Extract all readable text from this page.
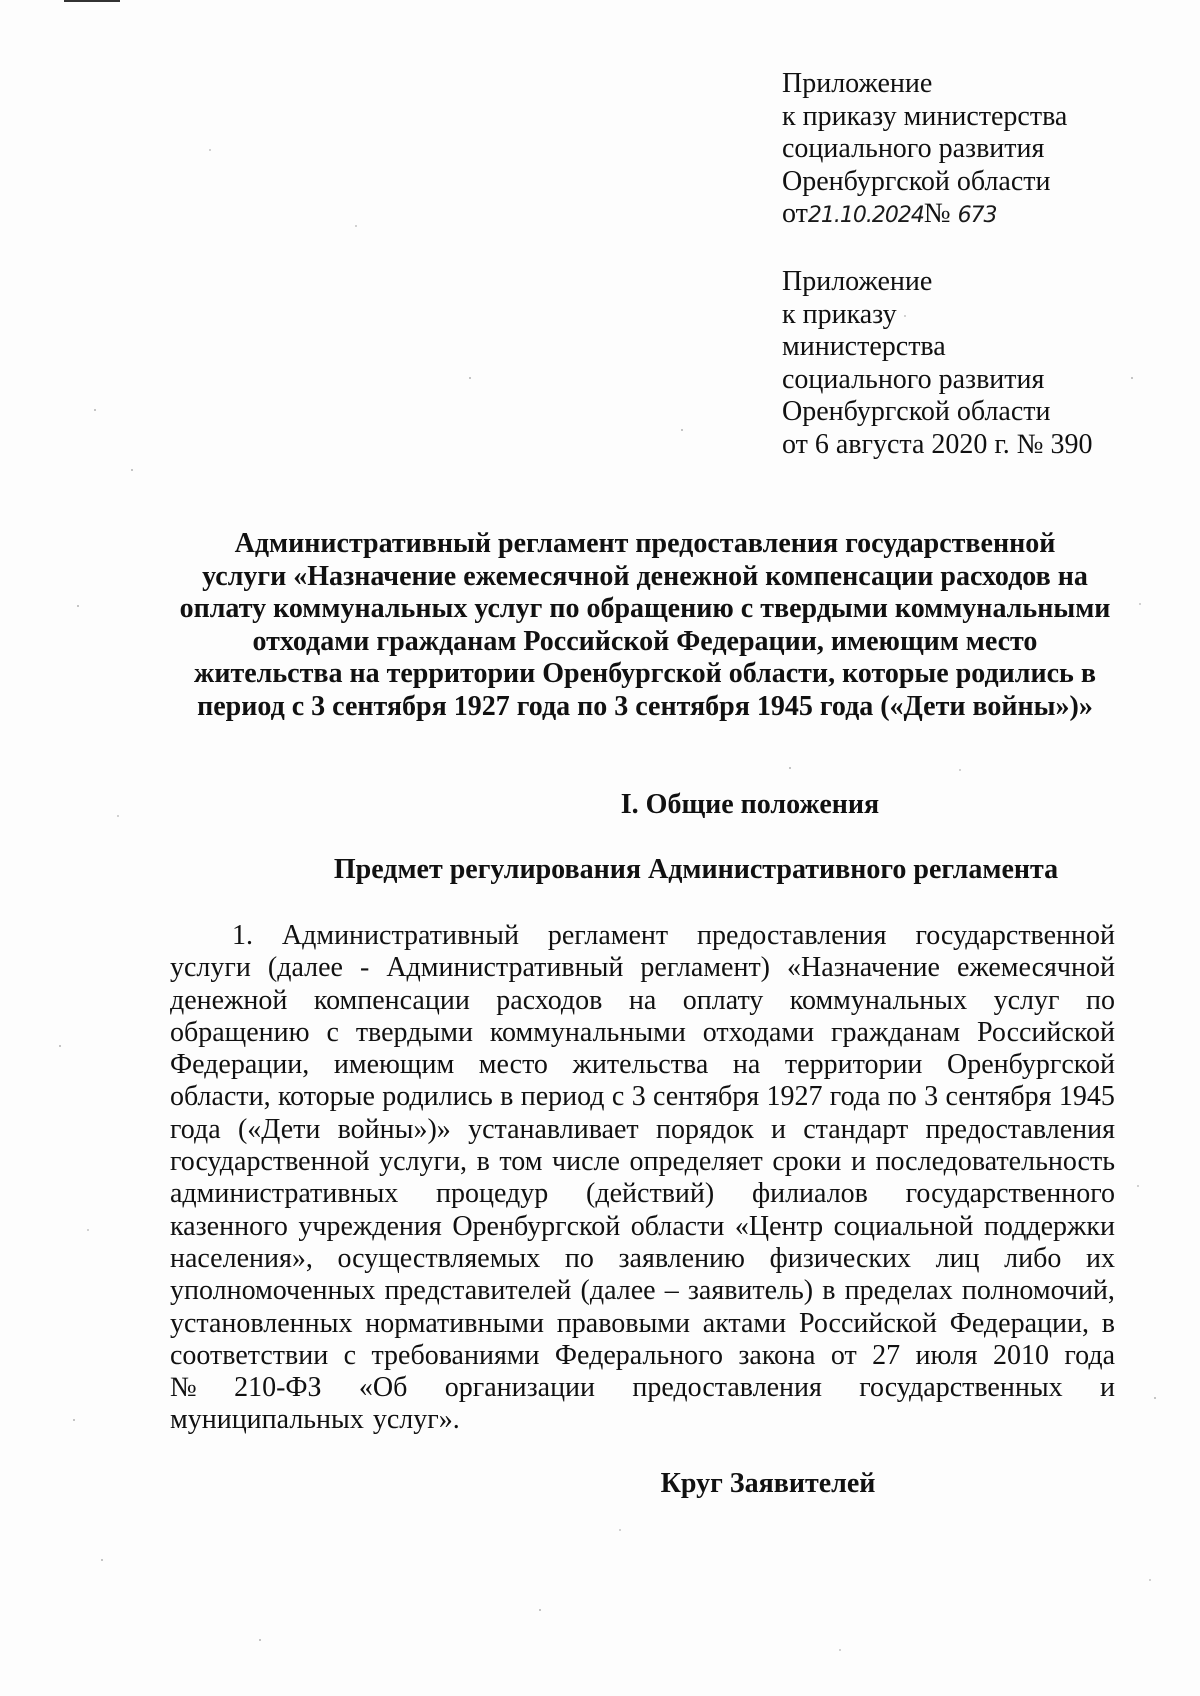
Приложение
к приказу министерства
социального развития
Оренбургской области
от21.10.2024№ 673
Приложение
к приказу
министерства
социального развития
Оренбургской области
от 6 августа 2020 г. № 390
Административный регламент предоставления государственной
услуги «Назначение ежемесячной денежной компенсации расходов на
оплату коммунальных услуг по обращению с твердыми коммунальными
отходами гражданам Российской Федерации, имеющим место
жительства на территории Оренбургской области, которые родились в
период с 3 сентября 1927 года по 3 сентября 1945 года («Дети войны»)»
I. Общие положения
Предмет регулирования Административного регламента
1. Административный регламент предоставления государственной
услуги (далее - Административный регламент) «Назначение ежемесячной
денежной компенсации расходов на оплату коммунальных услуг по
обращению с твердыми коммунальными отходами гражданам Российской
Федерации, имеющим место жительства на территории Оренбургской
области, которые родились в период с 3 сентября 1927 года по 3 сентября 1945
года («Дети войны»)» устанавливает порядок и стандарт предоставления
государственной услуги, в том числе определяет сроки и последовательность
административных процедур (действий) филиалов государственного
казенного учреждения Оренбургской области «Центр социальной поддержки
населения», осуществляемых по заявлению физических лиц либо их
уполномоченных представителей (далее – заявитель) в пределах полномочий,
установленных нормативными правовыми актами Российской Федерации, в
соответствии с требованиями Федерального закона от 27 июля 2010 года
№ 210-ФЗ «Об организации предоставления государственных и
муниципальных услуг».
Круг Заявителей
